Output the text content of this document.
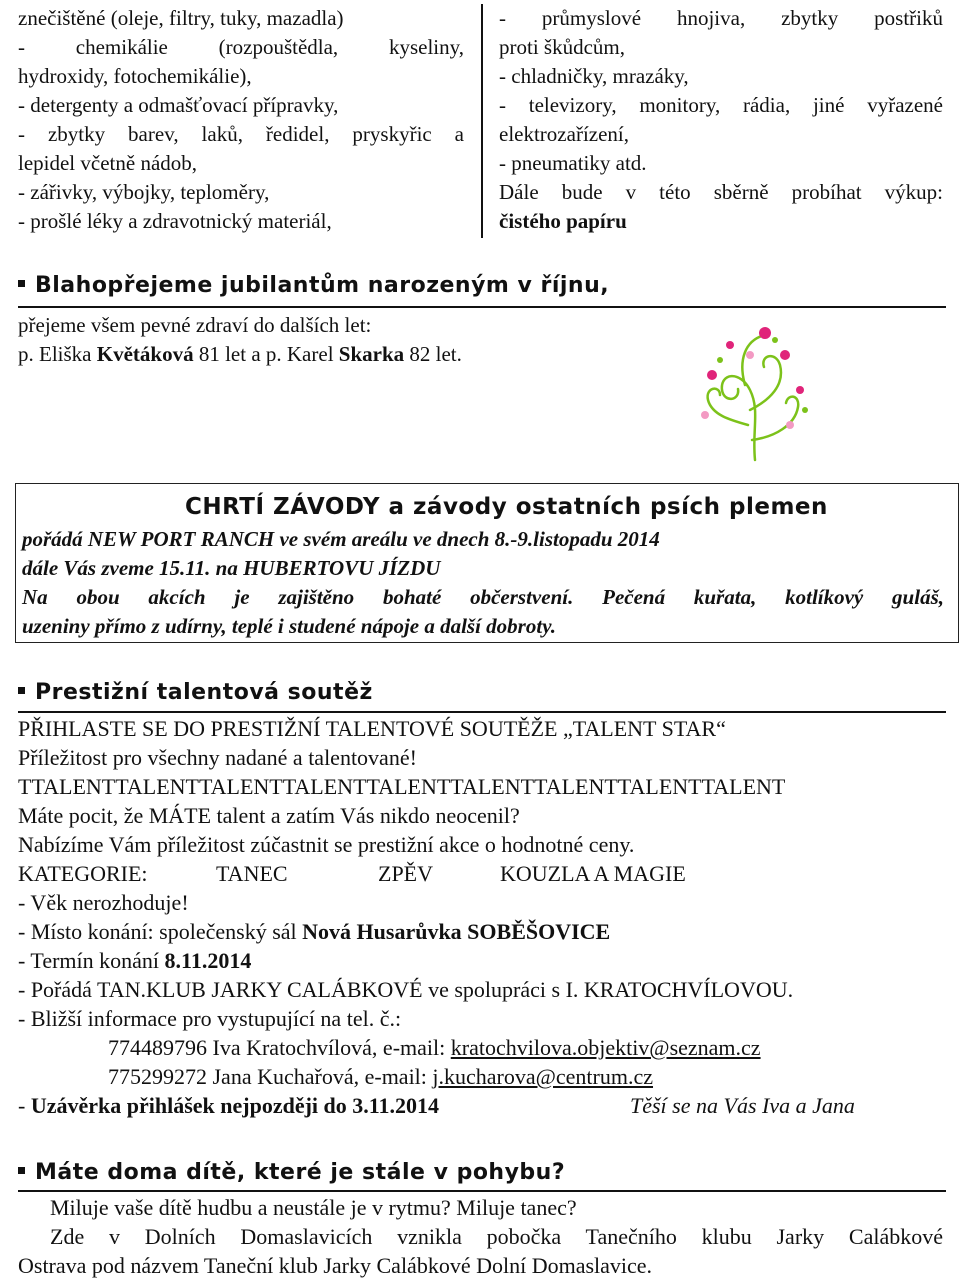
znečištěné (oleje, filtry, tuky, mazadla)
- chemikálie (rozpouštědla, kyseliny,
hydroxidy, fotochemikálie),
- detergenty a odmašťovací přípravky,
- zbytky barev, laků, ředidel, pryskyřic a
lepidel včetně nádob,
- zářivky, výbojky, teploměry,
- prošlé léky a zdravotnický materiál,
- průmyslové hnojiva, zbytky postřiků
proti škůdcům,
- chladničky, mrazáky,
- televizory, monitory, rádia, jiné vyřazené
elektrozařízení,
- pneumatiky atd.
Dále bude v této sběrně probíhat výkup:
čistého papíru
Blahopřejeme jubilantům narozeným v říjnu,
přejeme všem pevné zdraví do dalších let:
p. Eliška Květáková 81 let a p. Karel Skarka 82 let.
CHRTÍ ZÁVODY a závody ostatních psích plemen
pořádá NEW PORT RANCH ve svém areálu ve dnech 8.-9.listopadu 2014
dále Vás zveme 15.11. na HUBERTOVU JÍZDU
Na obou akcích je zajištěno bohaté občerstvení. Pečená kuřata, kotlíkový guláš,
uzeniny přímo z udírny, teplé i studené nápoje a další dobroty.
Prestižní talentová soutěž
PŘIHLASTE SE DO PRESTIŽNÍ TALENTOVÉ SOUTĚŽE „TALENT STAR“
Příležitost pro všechny nadané a talentované!
TTALENTTALENTTALENTTALENTTALENTTALENTTALENTTALENTTALENT
Máte pocit, že MÁTE talent a zatím Vás nikdo neocenil?
Nabízíme Vám příležitost zúčastnit se prestižní akce o hodnotné ceny.
KATEGORIE:	TANEC	ZPĚV	KOUZLA A MAGIE
- Věk nerozhoduje!
- Místo konání: společenský sál Nová Husarůvka SOBĚŠOVICE
- Termín konání 8.11.2014
- Pořádá TAN.KLUB JARKY CALÁBKOVÉ ve spolupráci s I. KRATOCHVÍLOVOU.
- Bližší informace pro vystupující na tel. č.:
774489796 Iva Kratochvílová, e-mail: kratochvilova.objektiv@seznam.cz
775299272 Jana Kuchařová, e-mail: j.kucharova@centrum.cz
- Uzávěrka přihlášek nejpozději do 3.11.2014	Těší se na Vás Iva a Jana
Máte doma dítě, které je stále v pohybu?
Miluje vaše dítě hudbu a neustále je v rytmu? Miluje tanec?
Zde v Dolních Domaslavicích vznikla pobočka Tanečního klubu Jarky Calábkové
Ostrava pod názvem Taneční klub Jarky Calábkové Dolní Domaslavice.
